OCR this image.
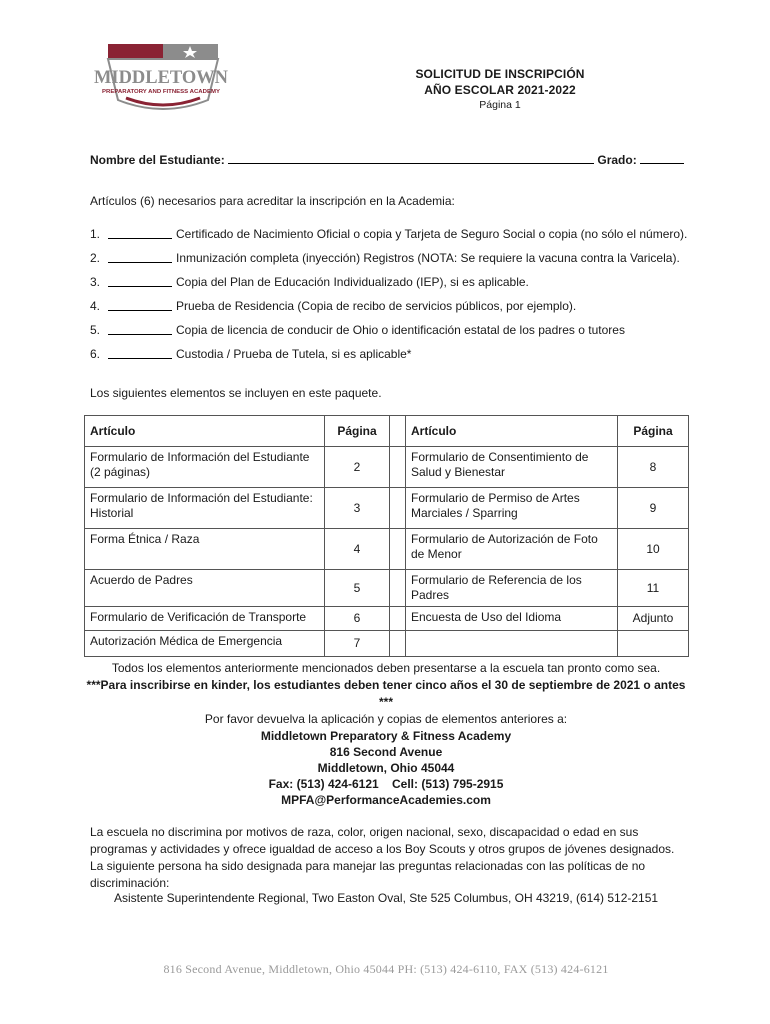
MIDDLETOWN
PREPARATORY AND FITNESS ACADEMY
SOLICITUD DE INSCRIPCIÓN
AÑO ESCOLAR 2021-2022
Página 1
Nombre del Estudiante:	Grado:
Artículos (6) necesarios para acreditar la inscripción en la Academia:
1.	Certificado de Nacimiento Oficial o copia y Tarjeta de Seguro Social o copia (no sólo el número).
2.	Inmunización completa (inyección) Registros (NOTA: Se requiere la vacuna contra la Varicela).
3.	Copia del Plan de Educación Individualizado (IEP), si es aplicable.
4.	Prueba de Residencia (Copia de recibo de servicios públicos, por ejemplo).
5.	Copia de licencia de conducir de Ohio o identificación estatal de los padres o tutores
6.	Custodia / Prueba de Tutela, si es aplicable*
Los siguientes elementos se incluyen en este paquete.
Artículo	Página		Artículo	Página
Formulario de Información del Estudiante (2 páginas)	2		Formulario de Consentimiento de Salud y Bienestar	8
Formulario de Información del Estudiante: Historial	3		Formulario de Permiso de Artes Marciales / Sparring	9
Forma Étnica / Raza	4		Formulario de Autorización de Foto de Menor	10
Acuerdo de Padres	5		Formulario de Referencia de los Padres	11
Formulario de Verificación de Transporte	6		Encuesta de Uso del Idioma	Adjunto
Autorización Médica de Emergencia	7			
Todos los elementos anteriormente mencionados deben presentarse a la escuela tan pronto como sea.
***Para inscribirse en kinder, los estudiantes deben tener cinco años el 30 de septiembre de 2021 o antes ***
Por favor devuelva la aplicación y copias de elementos anteriores a:
Middletown Preparatory & Fitness Academy
816 Second Avenue
Middletown, Ohio 45044
Fax: (513) 424-6121    Cell: (513) 795-2915
MPFA@PerformanceAcademies.com
La escuela no discrimina por motivos de raza, color, origen nacional, sexo, discapacidad o edad en sus programas y actividades y ofrece igualdad de acceso a los Boy Scouts y otros grupos de jóvenes designados. La siguiente persona ha sido designada para manejar las preguntas relacionadas con las políticas de no discriminación:
Asistente Superintendente Regional, Two Easton Oval, Ste 525 Columbus, OH 43219, (614) 512-2151
816 Second Avenue, Middletown, Ohio 45044 PH: (513) 424-6110, FAX (513) 424-6121
